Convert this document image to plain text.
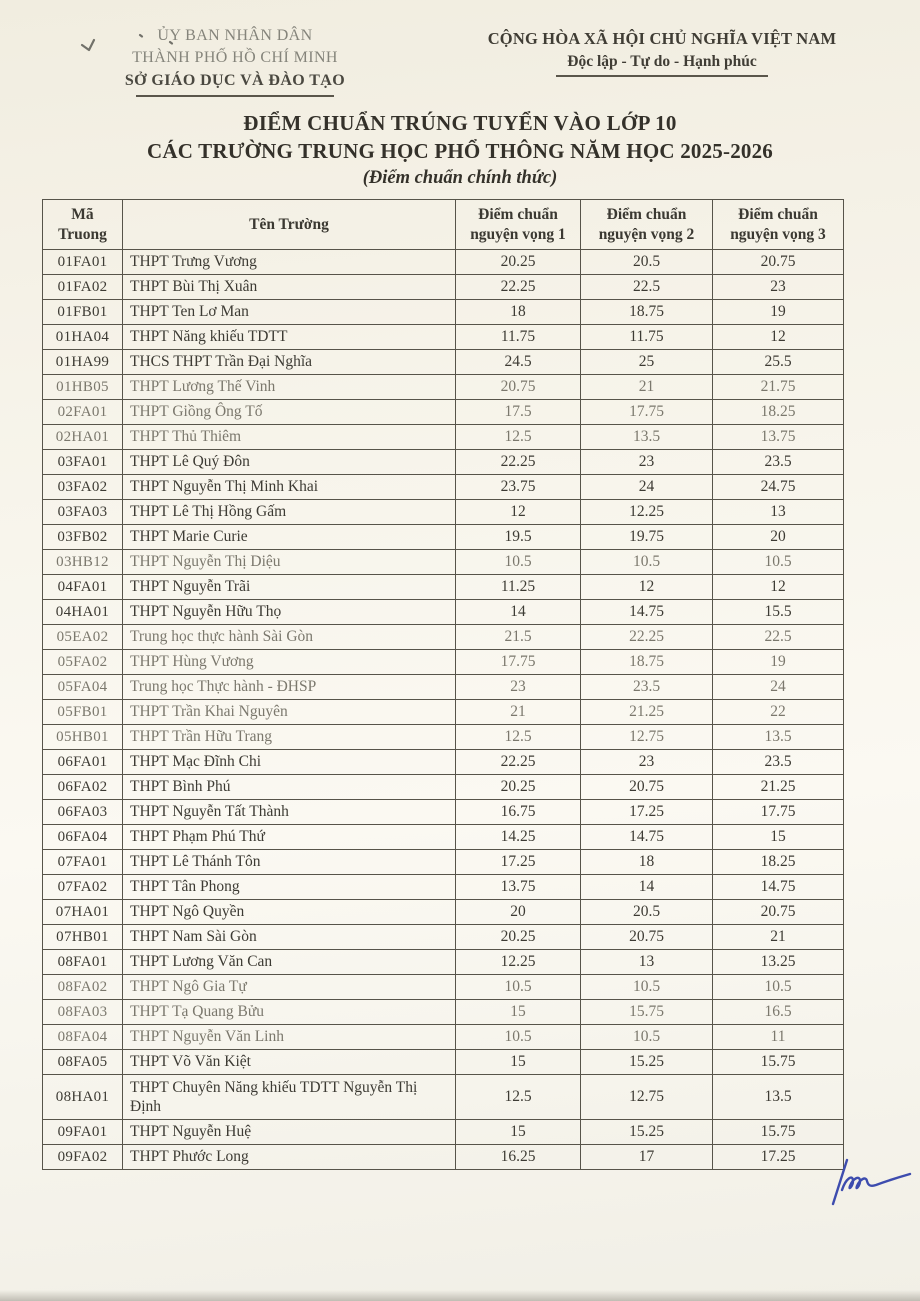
ỦY BAN NHÂN DÂN
THÀNH PHỐ HỒ CHÍ MINH
SỞ GIÁO DỤC VÀ ĐÀO TẠO
CỘNG HÒA XÃ HỘI CHỦ NGHĨA VIỆT NAM
Độc lập - Tự do - Hạnh phúc
ĐIỂM CHUẨN TRÚNG TUYỂN VÀO LỚP 10
CÁC TRƯỜNG TRUNG HỌC PHỔ THÔNG NĂM HỌC 2025-2026
(Điểm chuẩn chính thức)
Mã Truong	Tên Trường	Điểm chuẩn nguyện vọng 1	Điểm chuẩn nguyện vọng 2	Điểm chuẩn nguyện vọng 3
01FA01	THPT Trưng Vương	20.25	20.5	20.75
01FA02	THPT Bùi Thị Xuân	22.25	22.5	23
01FB01	THPT Ten Lơ Man	18	18.75	19
01HA04	THPT Năng khiếu TDTT	11.75	11.75	12
01HA99	THCS THPT Trần Đại Nghĩa	24.5	25	25.5
01HB05	THPT Lương Thế Vinh	20.75	21	21.75
02FA01	THPT Giồng Ông Tố	17.5	17.75	18.25
02HA01	THPT Thủ Thiêm	12.5	13.5	13.75
03FA01	THPT Lê Quý Đôn	22.25	23	23.5
03FA02	THPT Nguyễn Thị Minh Khai	23.75	24	24.75
03FA03	THPT Lê Thị Hồng Gấm	12	12.25	13
03FB02	THPT Marie Curie	19.5	19.75	20
03HB12	THPT Nguyễn Thị Diệu	10.5	10.5	10.5
04FA01	THPT Nguyễn Trãi	11.25	12	12
04HA01	THPT Nguyễn Hữu Thọ	14	14.75	15.5
05EA02	Trung học thực hành Sài Gòn	21.5	22.25	22.5
05FA02	THPT Hùng Vương	17.75	18.75	19
05FA04	Trung học Thực hành - ĐHSP	23	23.5	24
05FB01	THPT Trần Khai Nguyên	21	21.25	22
05HB01	THPT Trần Hữu Trang	12.5	12.75	13.5
06FA01	THPT Mạc Đĩnh Chi	22.25	23	23.5
06FA02	THPT Bình Phú	20.25	20.75	21.25
06FA03	THPT Nguyễn Tất Thành	16.75	17.25	17.75
06FA04	THPT Phạm Phú Thứ	14.25	14.75	15
07FA01	THPT Lê Thánh Tôn	17.25	18	18.25
07FA02	THPT Tân Phong	13.75	14	14.75
07HA01	THPT Ngô Quyền	20	20.5	20.75
07HB01	THPT Nam Sài Gòn	20.25	20.75	21
08FA01	THPT Lương Văn Can	12.25	13	13.25
08FA02	THPT Ngô Gia Tự	10.5	10.5	10.5
08FA03	THPT Tạ Quang Bửu	15	15.75	16.5
08FA04	THPT Nguyễn Văn Linh	10.5	10.5	11
08FA05	THPT Võ Văn Kiệt	15	15.25	15.75
08HA01	THPT Chuyên Năng khiếu TDTT Nguyễn Thị Định	12.5	12.75	13.5
09FA01	THPT Nguyễn Huệ	15	15.25	15.75
09FA02	THPT Phước Long	16.25	17	17.25
